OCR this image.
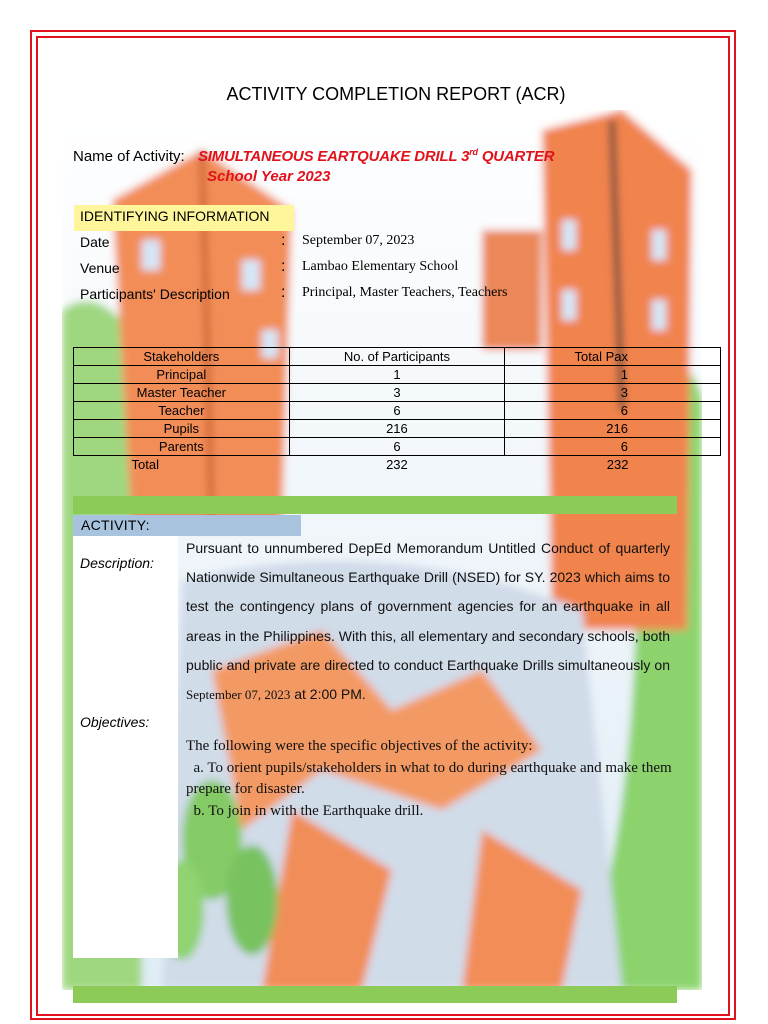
ACTIVITY COMPLETION REPORT (ACR)
Name of Activity: SIMULTANEOUS EARTQUAKE DRILL 3rd QUARTER
School Year 2023
IDENTIFYING INFORMATION
Date	: September 07, 2023
Venue	: Lambao Elementary School
Participants' Description	: Principal, Master Teachers, Teachers
Stakeholders	No. of Participants	Total Pax
Principal	1	1
Master Teacher	3	3
Teacher	6	6
Pupils	216	216
Parents	6	6
Total	232	232
ACTIVITY:
Description:
Pursuant to unnumbered DepEd Memorandum Untitled Conduct of quarterly Nationwide Simultaneous Earthquake Drill (NSED) for SY. 2023 which aims to test the contingency plans of government agencies for an earthquake in all areas in the Philippines. With this, all elementary and secondary schools, both public and private are directed to conduct Earthquake Drills simultaneously on September 07, 2023 at 2:00 PM.
Objectives:
The following were the specific objectives of the activity:
a. To orient pupils/stakeholders in what to do during earthquake and make them prepare for disaster.
b. To join in with the Earthquake drill.
